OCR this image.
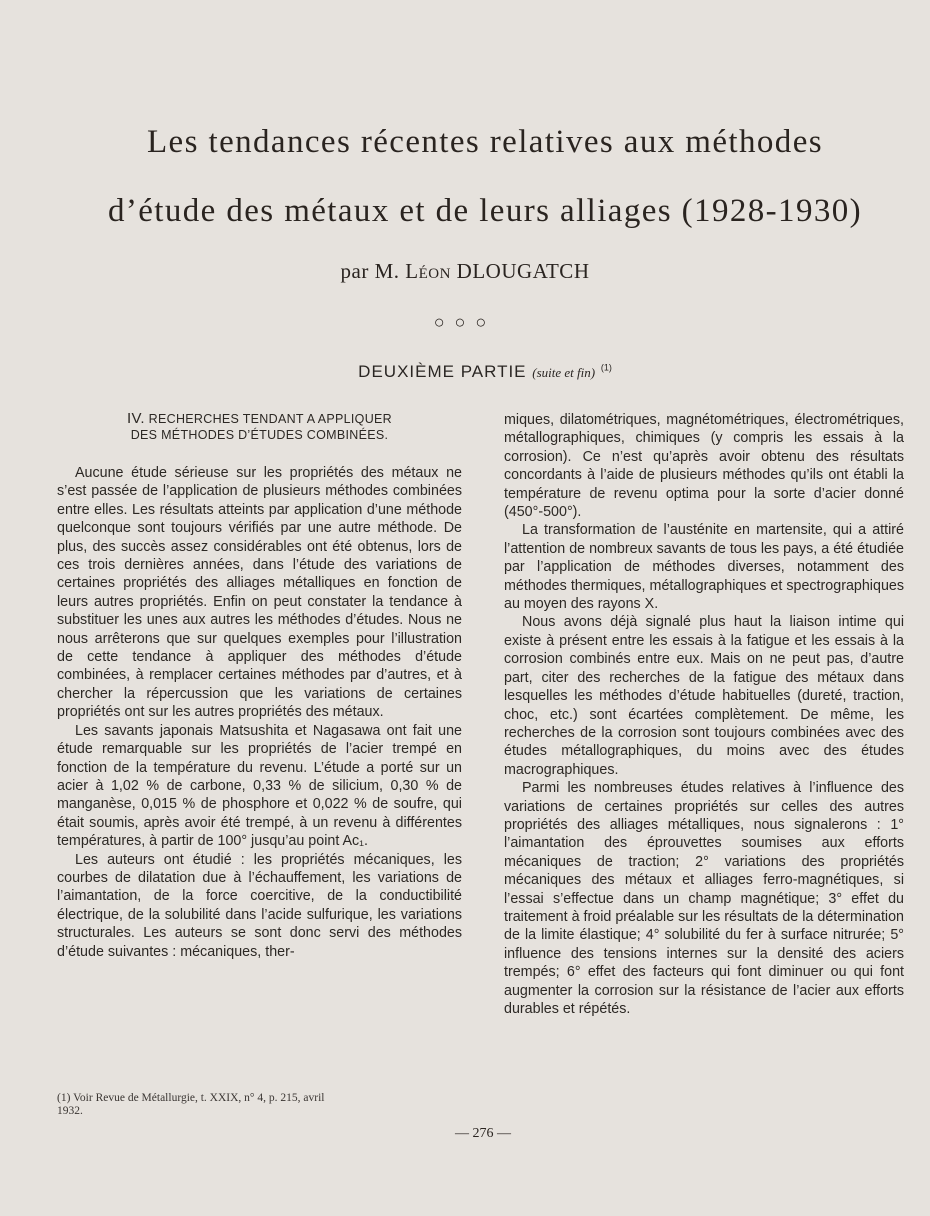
Les tendances récentes relatives aux méthodes
d’étude des métaux et de leurs alliages (1928-1930)
par M. Léon DLOUGATCH
○○○
DEUXIÈME PARTIE (suite et fin) $^{(1)}$
IV. RECHERCHES TENDANT A APPLIQUER
DES MÉTHODES D’ÉTUDES COMBINÉES.

Aucune étude sérieuse sur les propriétés des métaux ne s’est passée de l’application de plusieurs méthodes combinées entre elles. Les résultats atteints par application d’une méthode quelconque sont toujours vérifiés par une autre méthode. De plus, des succès assez considérables ont été obtenus, lors de ces trois dernières années, dans l’étude des variations de certaines propriétés des alliages métalliques en fonction de leurs autres propriétés. Enfin on peut constater la tendance à substituer les unes aux autres les méthodes d’études. Nous ne nous arrêterons que sur quelques exemples pour l’illustration de cette tendance à appliquer des méthodes d’étude combinées, à remplacer certaines méthodes par d’autres, et à chercher la répercussion que les variations de certaines propriétés ont sur les autres propriétés des métaux.

Les savants japonais Matsushita et Nagasawa ont fait une étude remarquable sur les propriétés de l’acier trempé en fonction de la température du revenu. L’étude a porté sur un acier à 1,02 % de carbone, 0,33 % de silicium, 0,30 % de manganèse, 0,015 % de phosphore et 0,022 % de soufre, qui était soumis, après avoir été trempé, à un revenu à différentes températures, à partir de 100° jusqu’au point Ac₁.

Les auteurs ont étudié : les propriétés mécaniques, les courbes de dilatation due à l’échauffement, les variations de l’aimantation, de la force coercitive, de la conductibilité électrique, de la solubilité dans l’acide sulfurique, les variations structurales. Les auteurs se sont donc servi des méthodes d’étude suivantes : mécaniques, ther-

(1) Voir Revue de Métallurgie, t. XXIX, n° 4, p. 215, avril
1932.

miques, dilatométriques, magnétométriques, électrométriques, métallographiques, chimiques (y compris les essais à la corrosion). Ce n’est qu’après avoir obtenu des résultats concordants à l’aide de plusieurs méthodes qu’ils ont établi la température de revenu optima pour la sorte d’acier donné (450°-500°).

La transformation de l’austénite en martensite, qui a attiré l’attention de nombreux savants de tous les pays, a été étudiée par l’application de méthodes diverses, notamment des méthodes thermiques, métallographiques et spectrographiques au moyen des rayons X.

Nous avons déjà signalé plus haut la liaison intime qui existe à présent entre les essais à la fatigue et les essais à la corrosion combinés entre eux. Mais on ne peut pas, d’autre part, citer des recherches de la fatigue des métaux dans lesquelles les méthodes d’étude habituelles (dureté, traction, choc, etc.) sont écartées complètement. De même, les recherches de la corrosion sont toujours combinées avec des études métallographiques, du moins avec des études macrographiques.

Parmi les nombreuses études relatives à l’influence des variations de certaines propriétés sur celles des autres propriétés des alliages métalliques, nous signalerons : 1° l’aimantation des éprouvettes soumises aux efforts mécaniques de traction; 2° variations des propriétés mécaniques des métaux et alliages ferro-magnétiques, si l’essai s’effectue dans un champ magnétique; 3° effet du traitement à froid préalable sur les résultats de la détermination de la limite élastique; 4° solubilité du fer à surface nitrurée; 5° influence des tensions internes sur la densité des aciers trempés; 6° effet des facteurs qui font diminuer ou qui font augmenter la corrosion sur la résistance de l’acier aux efforts durables et répétés.

— 276 —
